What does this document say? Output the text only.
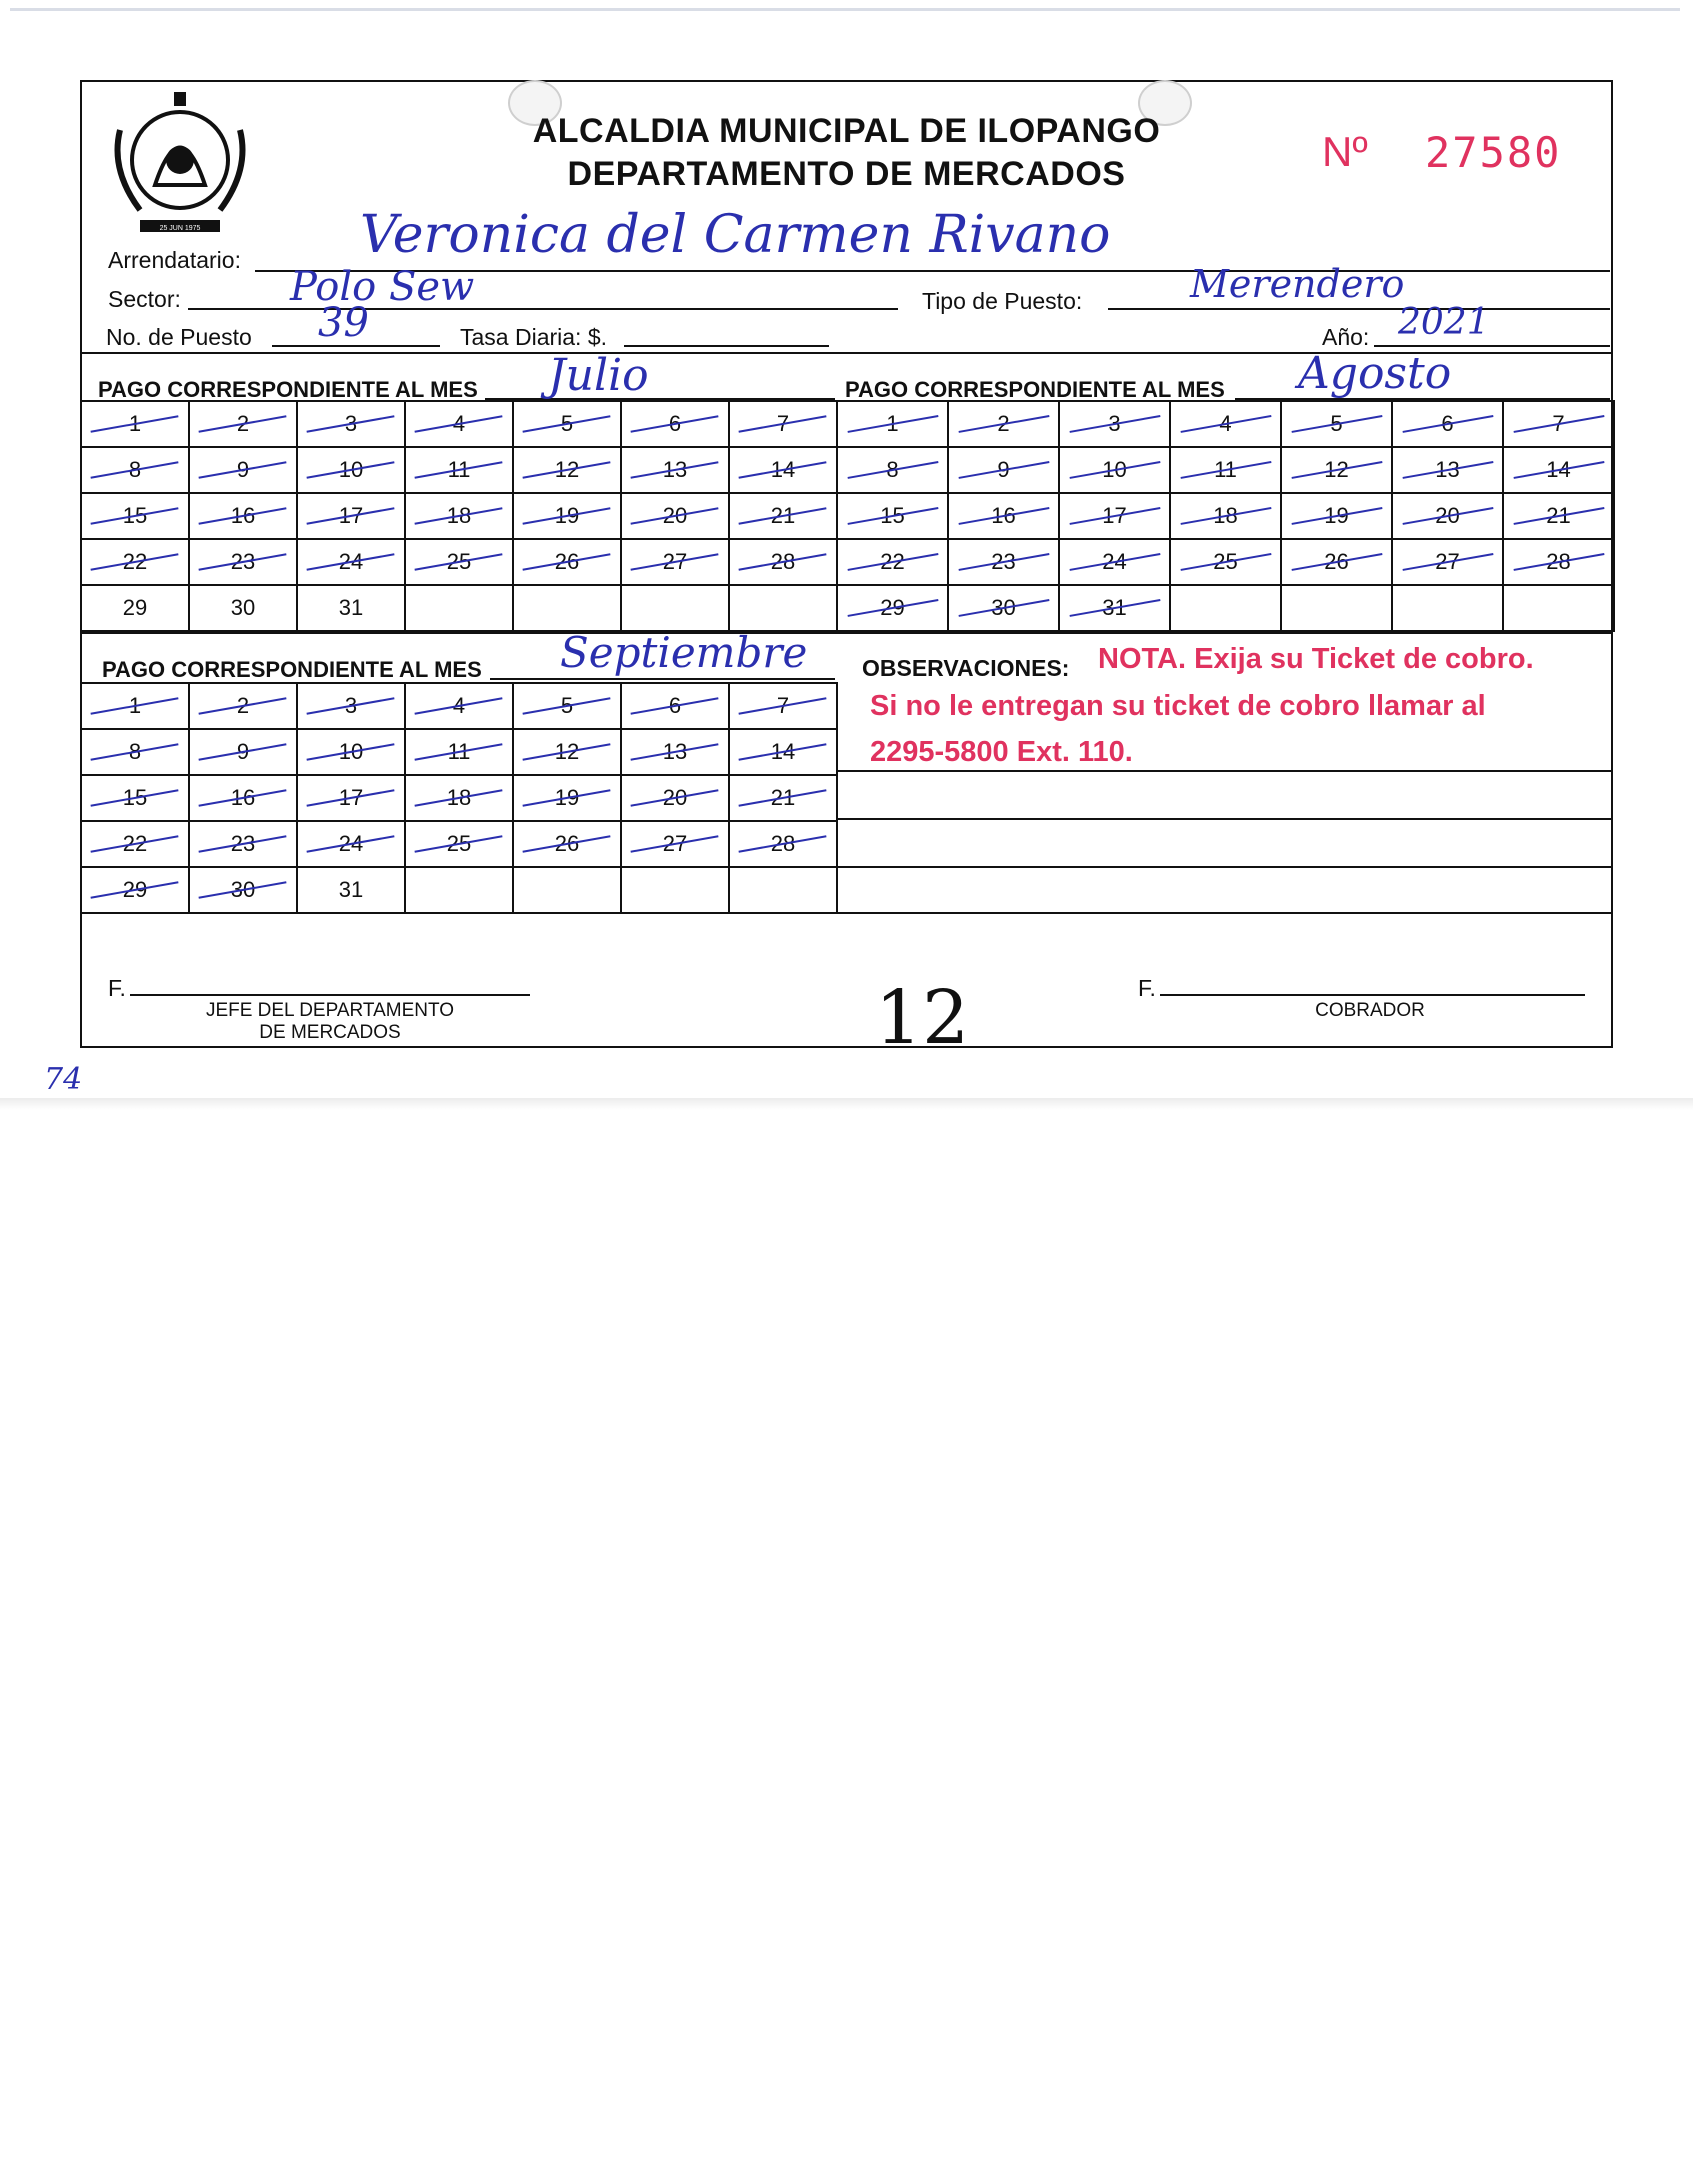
25 JUN 1975
ALCALDIA MUNICIPAL DE ILOPANGO
DEPARTAMENTO DE MERCADOS	Nº 27580
Arrendatario: Veronica del Carmen Rivano
Sector:	Polo Sew	Tipo de Puesto:	Merendero
No. de Puesto 39	Tasa Diaria: $.	Año: 2021
PAGO CORRESPONDIENTE AL MES Julio
1	2	3	4	5	6	7
8	9	10	11	12	13	14
15	16	17	18	19	20	21
22	23	24	25	26	27	28
29	30	31				
PAGO CORRESPONDIENTE AL MES Agosto
1	2	3	4	5	6	7
8	9	10	11	12	13	14
15	16	17	18	19	20	21
22	23	24	25	26	27	28
29	30	31				
PAGO CORRESPONDIENTE AL MES Septiembre
1	2	3	4	5	6	7
8	9	10	11	12	13	14
15	16	17	18	19	20	21
22	23	24	25	26	27	28
29	30	31				
OBSERVACIONES: NOTA. Exija su Ticket de cobro.
Si no le entregan su ticket de cobro llamar al
2295-5800 Ext. 110.
F.
JEFE DEL DEPARTAMENTO
DE MERCADOS	12	F.
COBRADOR
74
